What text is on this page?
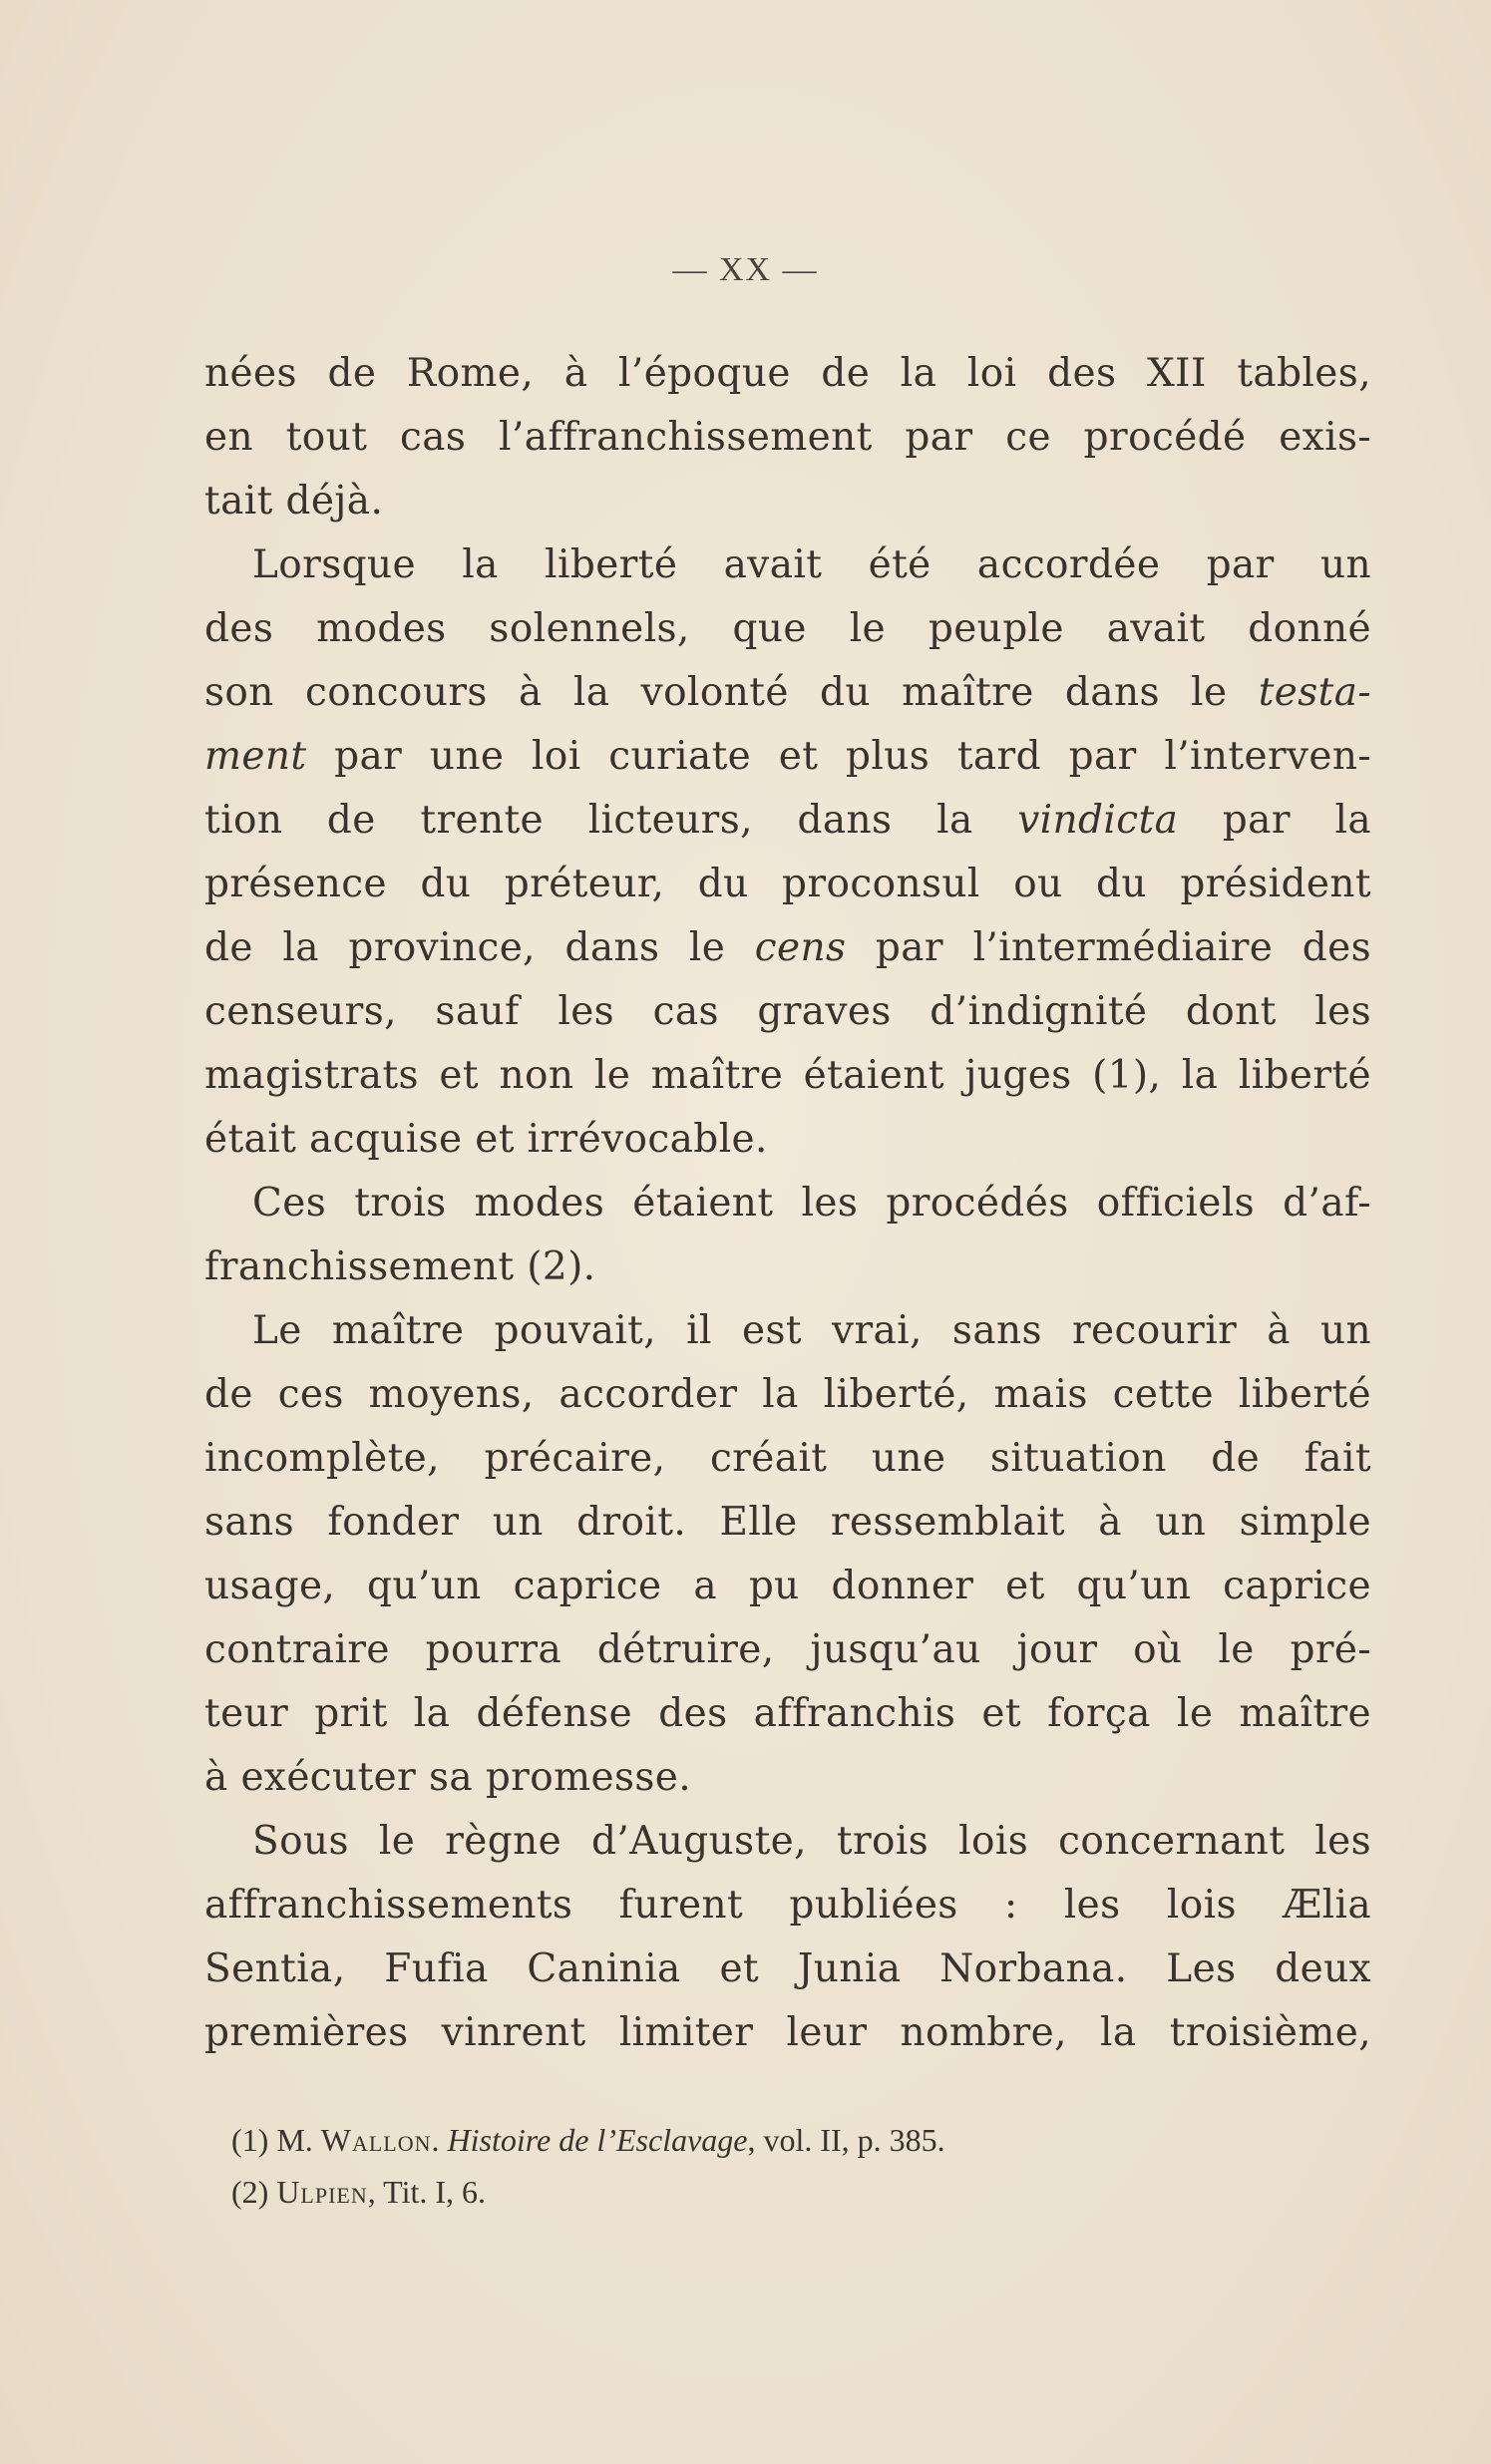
— XX —
nées de Rome, à l’époque de la loi des XII tables,
en tout cas l’affranchissement par ce procédé exis-
tait déjà.
Lorsque la liberté avait été accordée par un
des modes solennels, que le peuple avait donné
son concours à la volonté du maître dans le testa-
ment par une loi curiate et plus tard par l’interven-
tion de trente licteurs, dans la vindicta par la
présence du préteur, du proconsul ou du président
de la province, dans le cens par l’intermédiaire des
censeurs, sauf les cas graves d’indignité dont les
magistrats et non le maître étaient juges (1), la liberté
était acquise et irrévocable.
Ces trois modes étaient les procédés officiels d’af-
franchissement (2).
Le maître pouvait, il est vrai, sans recourir à un
de ces moyens, accorder la liberté, mais cette liberté
incomplète, précaire, créait une situation de fait
sans fonder un droit. Elle ressemblait à un simple
usage, qu’un caprice a pu donner et qu’un caprice
contraire pourra détruire, jusqu’au jour où le pré-
teur prit la défense des affranchis et força le maître
à exécuter sa promesse.
Sous le règne d’Auguste, trois lois concernant les
affranchissements furent publiées : les lois Ælia
Sentia, Fufia Caninia et Junia Norbana. Les deux
premières vinrent limiter leur nombre, la troisième,
(1) M. Wallon. Histoire de l’Esclavage, vol. II, p. 385.
(2) Ulpien, Tit. I, 6.
